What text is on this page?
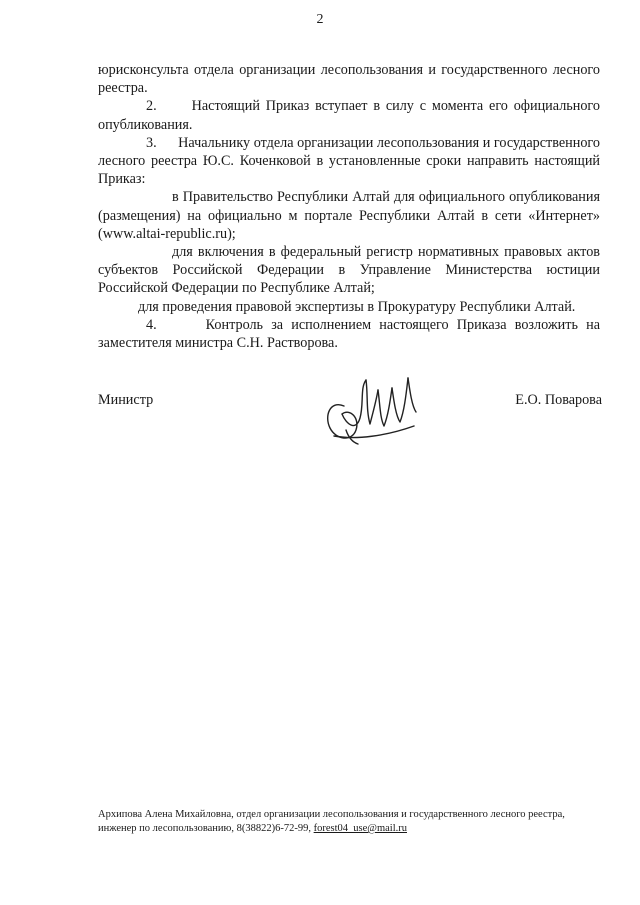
2

юрисконсульта отдела организации лесопользования и государственного лесного реестра.

2.      Настоящий Приказ вступает в силу с момента его официального опубликования.

3.      Начальнику отдела организации лесопользования и государственного лесного реестра Ю.С. Коченковой в установленные сроки направить настоящий Приказ:

в Правительство Республики Алтай для официального опубликования (размещения) на официально м портале Республики Алтай в сети «Интернет» (www.altai-republic.ru);

для включения в федеральный регистр нормативных правовых актов субъектов Российской Федерации в Управление Министерства юстиции Российской Федерации по Республике Алтай;

для проведения правовой экспертизы в Прокуратуру Республики Алтай.

4.      Контроль за исполнением настоящего Приказа возложить на заместителя министра С.Н. Растворова.

Министр	Е.О. Поварова
Архипова Алена Михайловна, отдел организации лесопользования и государственного лесного реестра,
инженер по лесопользованию, 8(38822)6-72-99, forest04_use@mail.ru
